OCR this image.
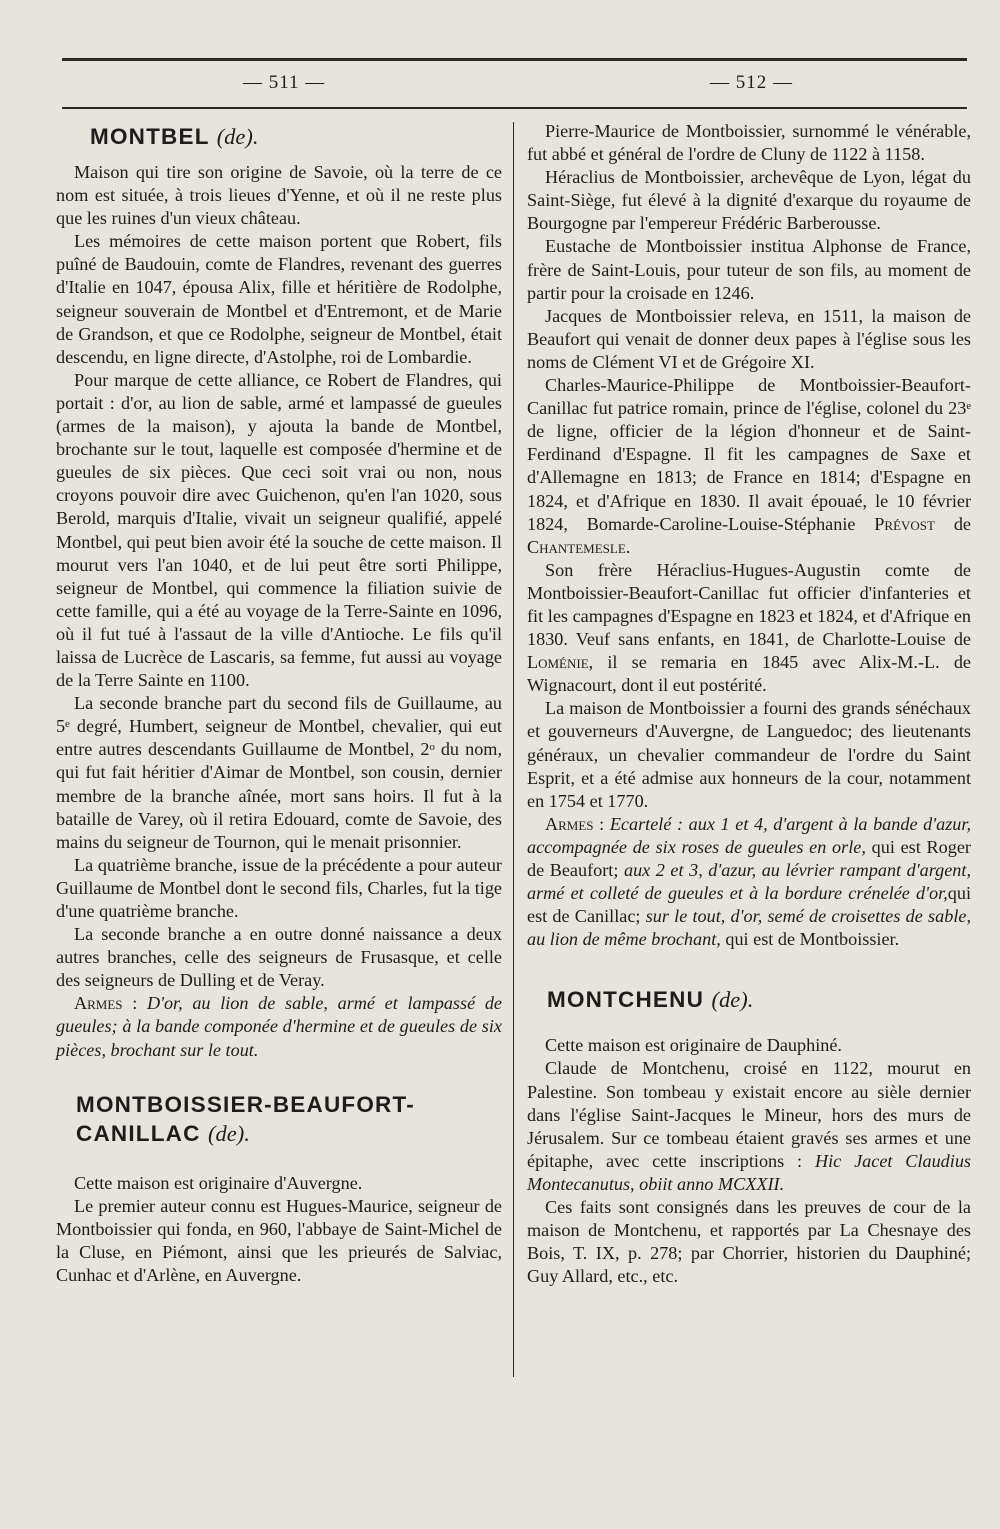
— 511 —	— 512 —
MONTBEL (de).

Maison qui tire son origine de Savoie, où la terre de ce nom est située, à trois lieues d'Yenne, et où il ne reste plus que les ruines d'un vieux château.

Les mémoires de cette maison portent que Robert, fils puîné de Baudouin, comte de Flandres, revenant des guerres d'Italie en 1047, épousa Alix, fille et héritière de Rodolphe, seigneur souverain de Montbel et d'Entremont, et de Marie de Grandson, et que ce Rodolphe, seigneur de Montbel, était descendu, en ligne directe, d'Astolphe, roi de Lombardie.

Pour marque de cette alliance, ce Robert de Flandres, qui portait : d'or, au lion de sable, armé et lampassé de gueules (armes de la maison), y ajouta la bande de Montbel, brochante sur le tout, laquelle est composée d'hermine et de gueules de six pièces. Que ceci soit vrai ou non, nous croyons pouvoir dire avec Guichenon, qu'en l'an 1020, sous Berold, marquis d'Italie, vivait un seigneur qualifié, appelé Montbel, qui peut bien avoir été la souche de cette maison. Il mourut vers l'an 1040, et de lui peut être sorti Philippe, seigneur de Montbel, qui commence la filiation suivie de cette famille, qui a été au voyage de la Terre-Sainte en 1096, où il fut tué à l'assaut de la ville d'Antioche. Le fils qu'il laissa de Lucrèce de Lascaris, sa femme, fut aussi au voyage de la Terre Sainte en 1100.

La seconde branche part du second fils de Guillaume, au 5ᵉ degré, Humbert, seigneur de Montbel, chevalier, qui eut entre autres descendants Guillaume de Montbel, 2ᵒ du nom, qui fut fait héritier d'Aimar de Montbel, son cousin, dernier membre de la branche aînée, mort sans hoirs. Il fut à la bataille de Varey, où il retira Edouard, comte de Savoie, des mains du seigneur de Tournon, qui le menait prisonnier.

La quatrième branche, issue de la précédente a pour auteur Guillaume de Montbel dont le second fils, Charles, fut la tige d'une quatrième branche.

La seconde branche a en outre donné naissance a deux autres branches, celle des seigneurs de Frusasque, et celle des seigneurs de Dulling et de Veray.

Armes : D'or, au lion de sable, armé et lampassé de gueules; à la bande componée d'hermine et de gueules de six pièces, brochant sur le tout.

MONTBOISSIER-BEAUFORT-CANILLAC (de).

Cette maison est originaire d'Auvergne.

Le premier auteur connu est Hugues-Maurice, seigneur de Montboissier qui fonda, en 960, l'abbaye de Saint-Michel de la Cluse, en Piémont, ainsi que les prieurés de Salviac, Cunhac et d'Arlène, en Auvergne.

Pierre-Maurice de Montboissier, surnommé le vénérable, fut abbé et général de l'ordre de Cluny de 1122 à 1158.

Héraclius de Montboissier, archevêque de Lyon, légat du Saint-Siège, fut élevé à la dignité d'exarque du royaume de Bourgogne par l'empereur Frédéric Barberousse.

Eustache de Montboissier institua Alphonse de France, frère de Saint-Louis, pour tuteur de son fils, au moment de partir pour la croisade en 1246.

Jacques de Montboissier releva, en 1511, la maison de Beaufort qui venait de donner deux papes à l'église sous les noms de Clément VI et de Grégoire XI.

Charles-Maurice-Philippe de Montboissier-Beaufort-Canillac fut patrice romain, prince de l'église, colonel du 23ᵉ de ligne, officier de la légion d'honneur et de Saint-Ferdinand d'Espagne. Il fit les campagnes de Saxe et d'Allemagne en 1813; de France en 1814; d'Espagne en 1824, et d'Afrique en 1830. Il avait épouaé, le 10 février 1824, Bomarde-Caroline-Louise-Stéphanie Prévost de Chantemesle.

Son frère Héraclius-Hugues-Augustin comte de Montboissier-Beaufort-Canillac fut officier d'infanteries et fit les campagnes d'Espagne en 1823 et 1824, et d'Afrique en 1830. Veuf sans enfants, en 1841, de Charlotte-Louise de Loménie, il se remaria en 1845 avec Alix-M.-L. de Wignacourt, dont il eut postérité.

La maison de Montboissier a fourni des grands sénéchaux et gouverneurs d'Auvergne, de Languedoc; des lieutenants généraux, un chevalier commandeur de l'ordre du Saint Esprit, et a été admise aux honneurs de la cour, notamment en 1754 et 1770.

Armes : Ecartelé : aux 1 et 4, d'argent à la bande d'azur, accompagnée de six roses de gueules en orle, qui est Roger de Beaufort; aux 2 et 3, d'azur, au lévrier rampant d'argent, armé et colleté de gueules et à la bordure crénelée d'or,qui est de Canillac; sur le tout, d'or, semé de croisettes de sable, au lion de même brochant, qui est de Montboissier.

MONTCHENU (de).

Cette maison est originaire de Dauphiné.

Claude de Montchenu, croisé en 1122, mourut en Palestine. Son tombeau y existait encore au sièle dernier dans l'église Saint-Jacques le Mineur, hors des murs de Jérusalem. Sur ce tombeau étaient gravés ses armes et une épitaphe, avec cette inscriptions : Hic Jacet Claudius Montecanutus, obiit anno MCXXII.

Ces faits sont consignés dans les preuves de cour de la maison de Montchenu, et rapportés par La Chesnaye des Bois, T. IX, p. 278; par Chorrier, historien du Dauphiné; Guy Allard, etc., etc.
